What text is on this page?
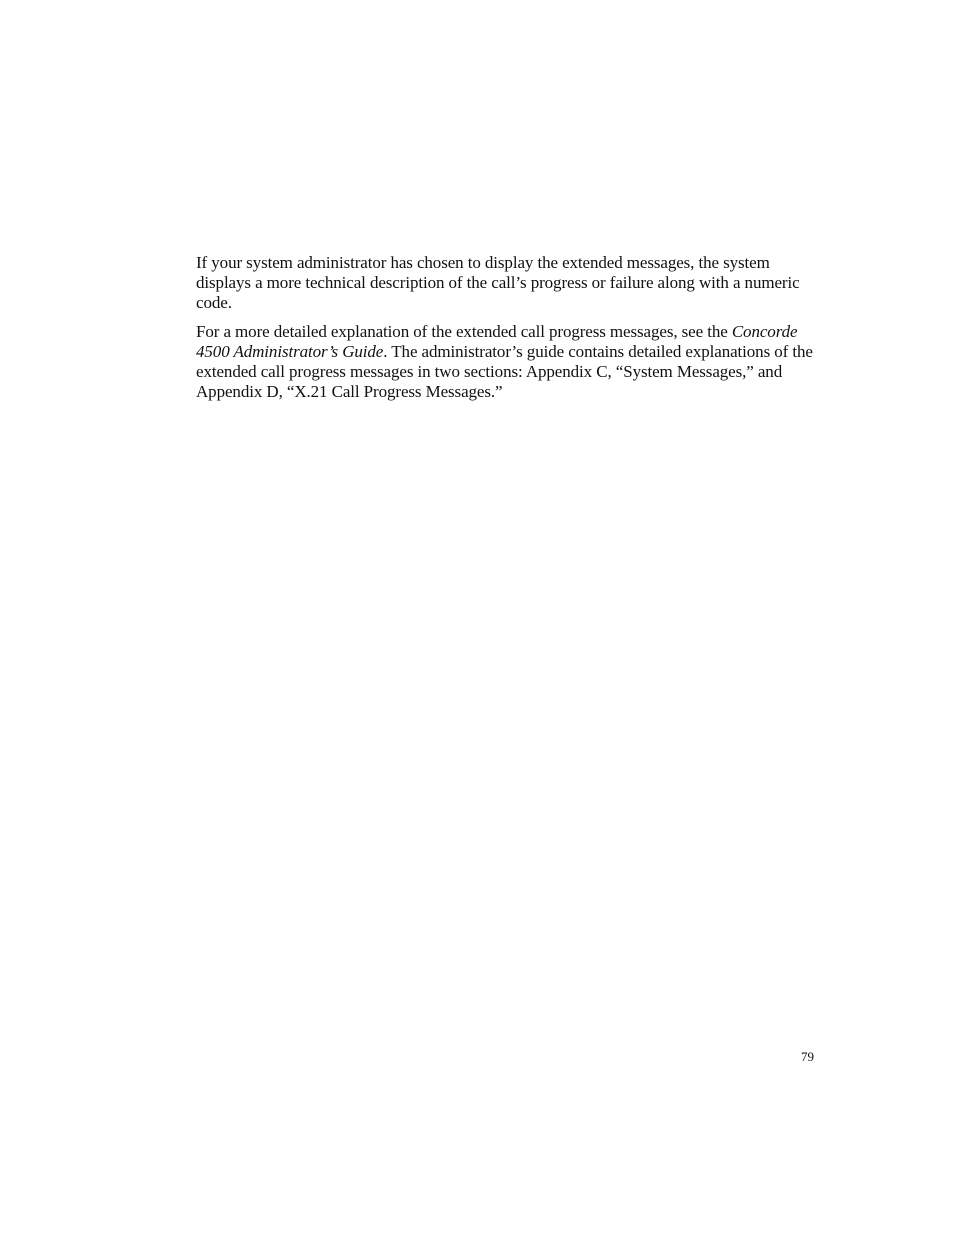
If your system administrator has chosen to display the extended messages, the system displays a more technical description of the call’s progress or failure along with a numeric code.

For a more detailed explanation of the extended call progress messages, see the Concorde 4500 Administrator’s Guide. The administrator’s guide contains detailed explanations of the extended call progress messages in two sections: Appendix C, “System Messages,” and Appendix D, “X.21 Call Progress Messages.”

79
